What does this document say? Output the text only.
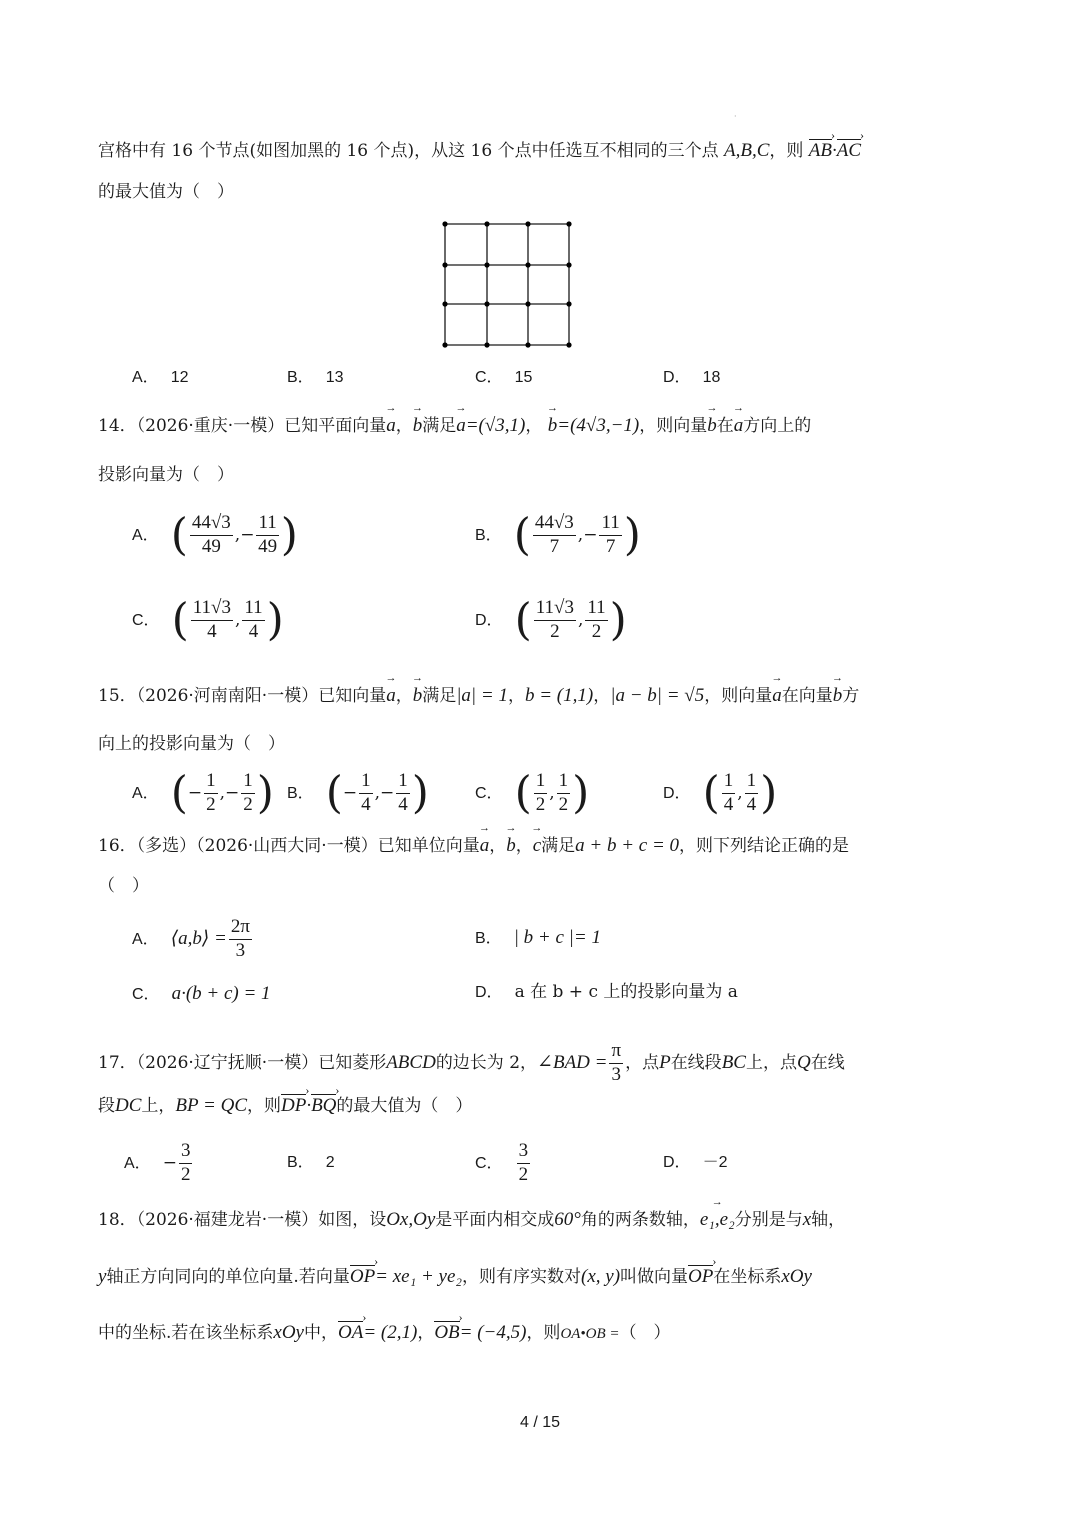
·
宫格中有 16 个节点(如图加黑的 16 个点)，从这 16 个点中任选互不相同的三个点 A,B,C，则 AB ›·AC ›
的最大值为（　）
A． 12	B． 13	C． 15	D． 18
14．（2026·重庆·一模）已知平面向量→ a，→ b满足→ a=(√3,1)， → b=(4√3,−1)，则向量→ b在→ a方向上的
投影向量为（　）
A． ( $\frac{44√3}{49}$ ,− $\frac{11}{49}$ )	B． ( $\frac{44√3}{7}$ ,− $\frac{11}{7}$ )
C． ( $\frac{11√3}{4}$ , $\frac{11}{4}$ )	D． ( $\frac{11√3}{2}$ , $\frac{11}{2}$ )
15．（2026·河南南阳·一模）已知向量→ a，→ b满足|a| = 1，b = (1,1)，|a − b| = √5，则向量→ a在向量→ b方
向上的投影向量为（　）
A． (− $\frac{1}{2}$ ,− $\frac{1}{2}$ ) B． (− $\frac{1}{4}$ ,− $\frac{1}{4}$ )	C． ( $\frac{1}{2}$ , $\frac{1}{2}$ )	D． ( $\frac{1}{4}$ , $\frac{1}{4}$ )
16．（多选）（2026·山西大同·一模）已知单位向量→ a，→ b，→ c满足a + b + c = 0，则下列结论正确的是
（　）
A． ⟨a,b⟩ = $\frac{2\pi}{3}$	B． | b + c |= 1
C． a·(b + c) = 1	D． a 在 b + c 上的投影向量为 a
17．（2026·辽宁抚顺·一模）已知菱形ABCD的边长为 2，∠BAD = $\frac{\pi}{3}$ ，点P在线段BC上，点Q在线
段DC上，BP = QC，则DP ›·BQ ›的最大值为（　）
A． − $\frac{3}{2}$	B． 2	C． $\frac{3}{2}$	D． －2
18．（2026·福建龙岩·一模）如图，设Ox,Oy是平面内相交成60°角的两条数轴，→ e₁,e₂分别是与x轴，
y轴正方向同向的单位向量.若向量OP ›= xe₁ + ye₂，则有序实数对(x, y)叫做向量OP ›在坐标系xOy
中的坐标.若在该坐标系xOy中，OA ›= (2,1)，OB ›= (−4,5)，则OA•OB =（　）
4 / 15
